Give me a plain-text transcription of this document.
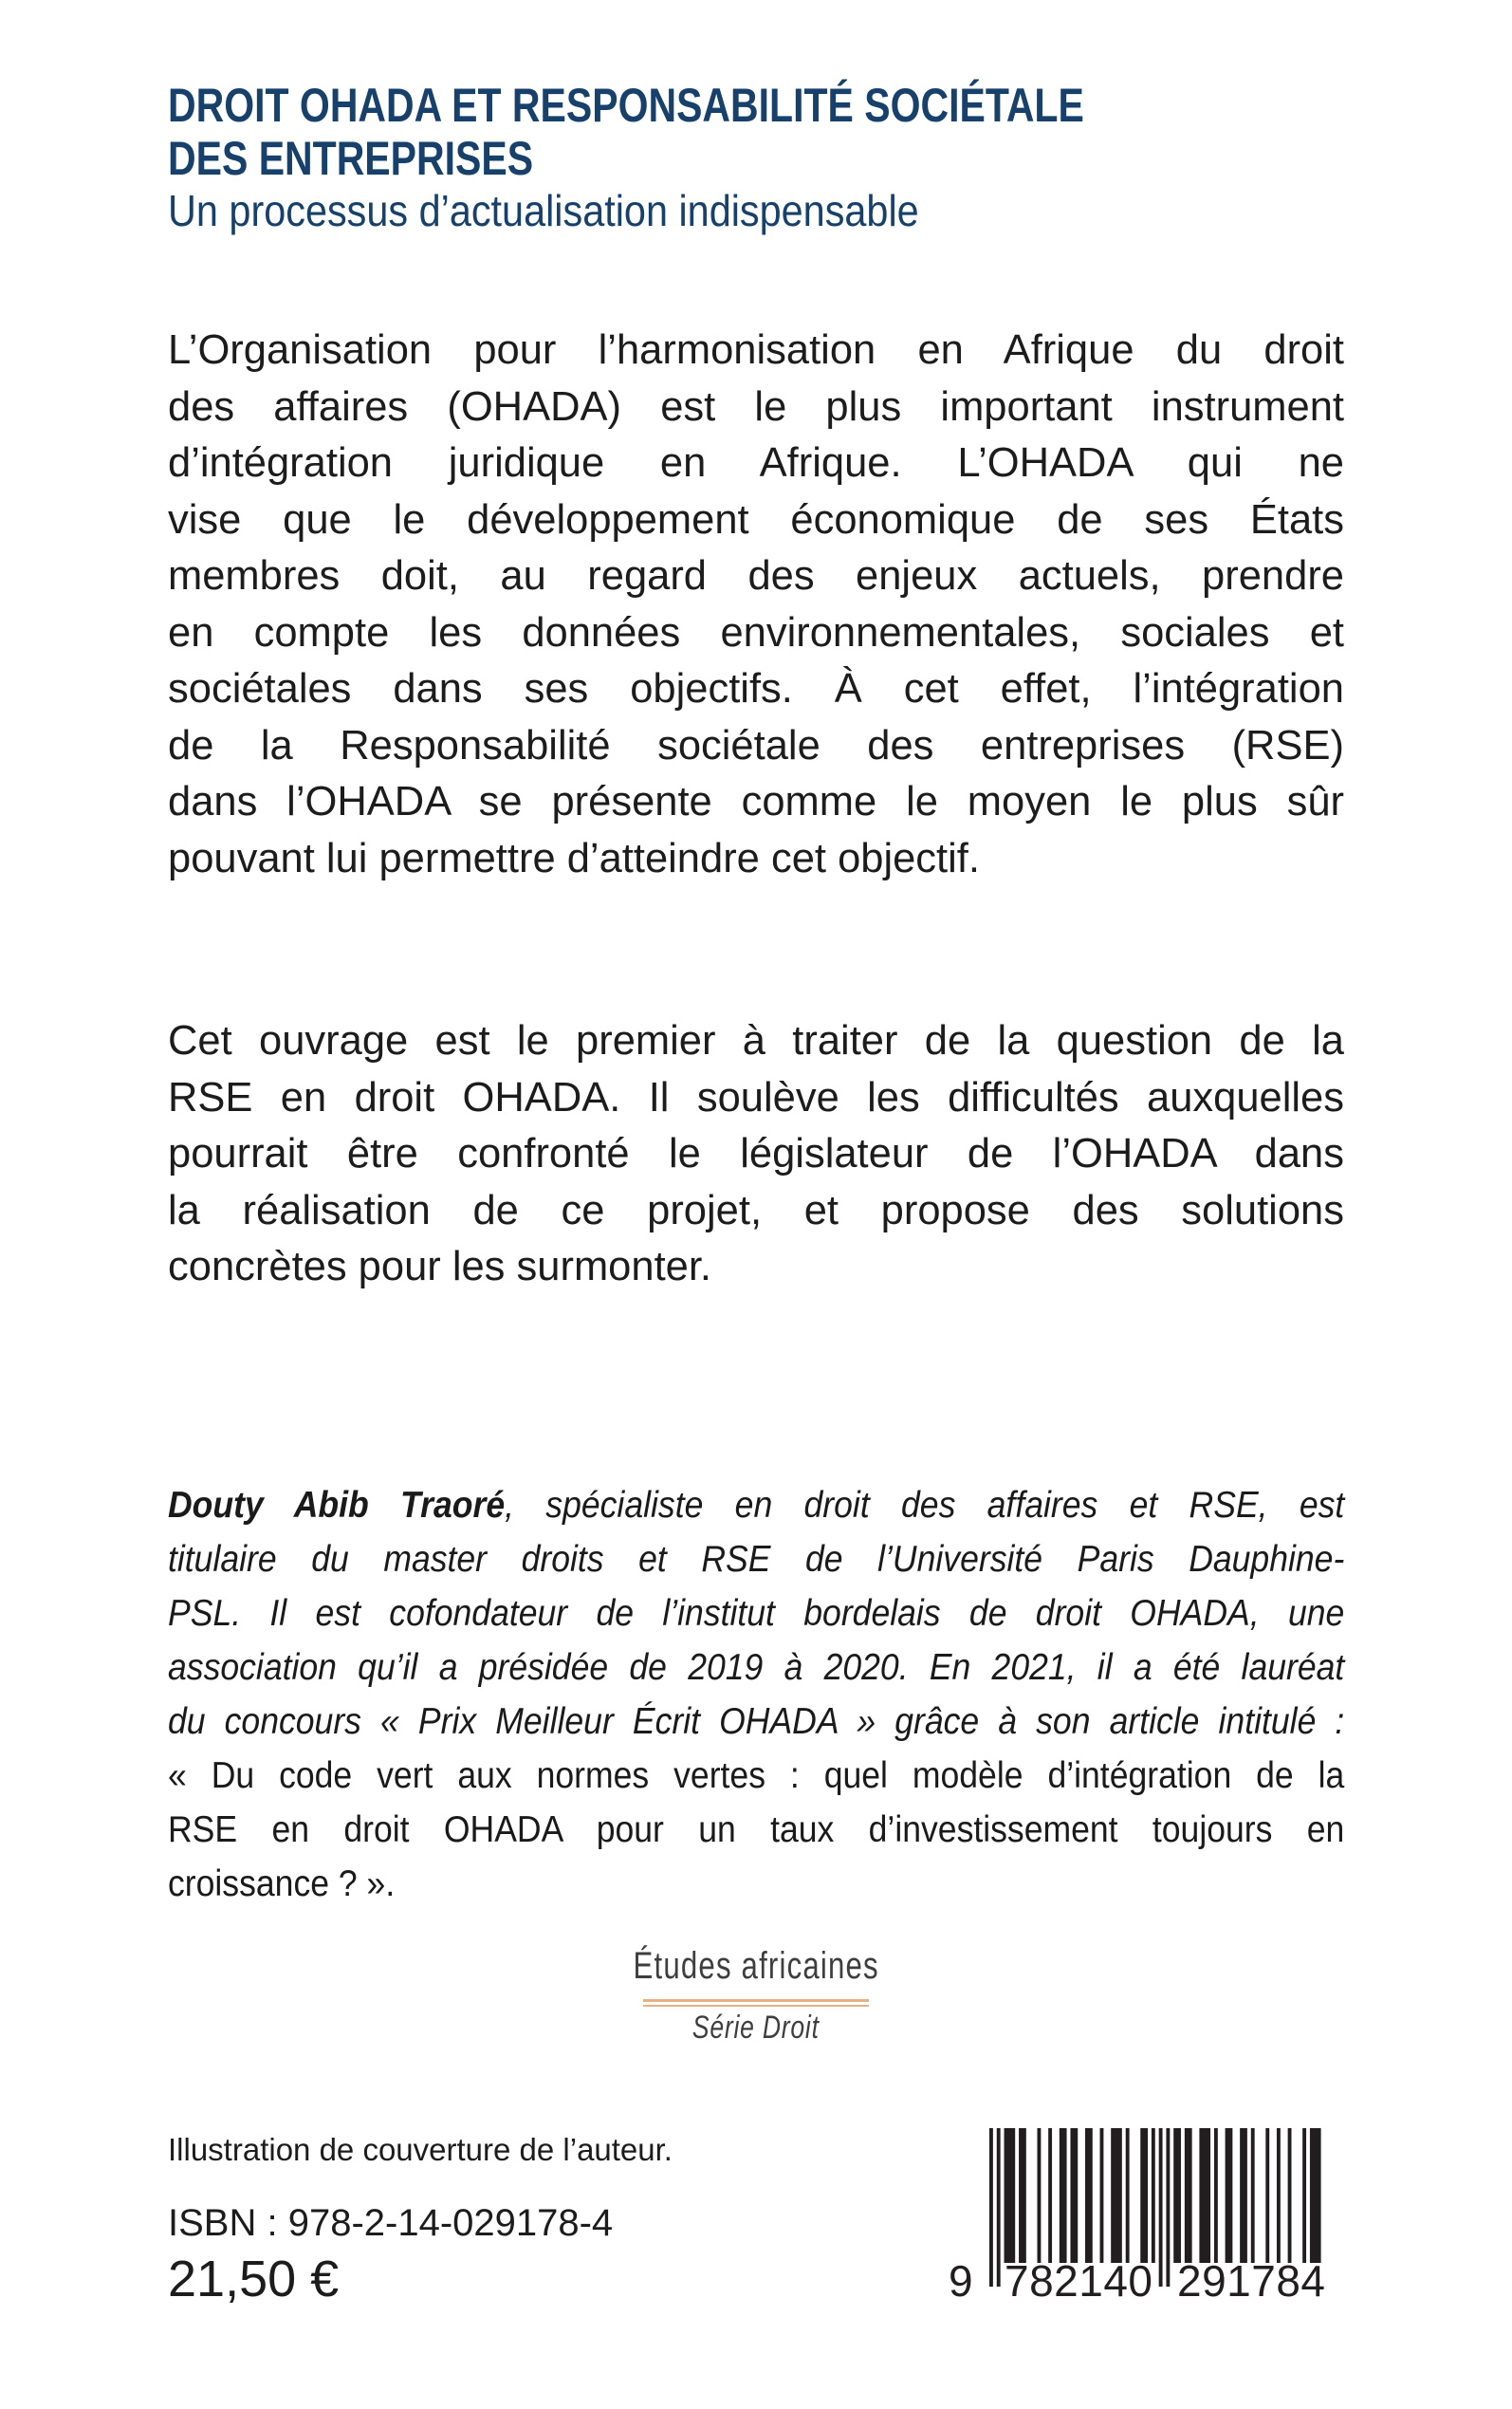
DROIT OHADA ET RESPONSABILITÉ SOCIÉTALE
DES ENTREPRISES
Un processus d’actualisation indispensable
L’Organisation pour l’harmonisation en Afrique du droit
des affaires (OHADA) est le plus important instrument
d’intégration juridique en Afrique. L’OHADA qui ne
vise que le développement économique de ses États
membres doit, au regard des enjeux actuels, prendre
en compte les données environnementales, sociales et
sociétales dans ses objectifs. À cet effet, l’intégration
de la Responsabilité sociétale des entreprises (RSE)
dans l’OHADA se présente comme le moyen le plus sûr
pouvant lui permettre d’atteindre cet objectif.
Cet ouvrage est le premier à traiter de la question de la
RSE en droit OHADA. Il soulève les difficultés auxquelles
pourrait être confronté le législateur de l’OHADA dans
la réalisation de ce projet, et propose des solutions
concrètes pour les surmonter.
Douty Abib Traoré, spécialiste en droit des affaires et RSE, est
titulaire du master droits et RSE de l’Université Paris Dauphine-
PSL. Il est cofondateur de l’institut bordelais de droit OHADA, une
association qu’il a présidée de 2019 à 2020. En 2021, il a été lauréat
du concours « Prix Meilleur Écrit OHADA » grâce à son article intitulé :
« Du code vert aux normes vertes : quel modèle d’intégration de la
RSE en droit OHADA pour un taux d’investissement toujours en
croissance ? ».
Études africaines
Série Droit
Illustration de couverture de l’auteur.
ISBN : 978-2-14-029178-4
21,50 €	9 7 8 2 1 4 0 2 9 1 7 8 4
